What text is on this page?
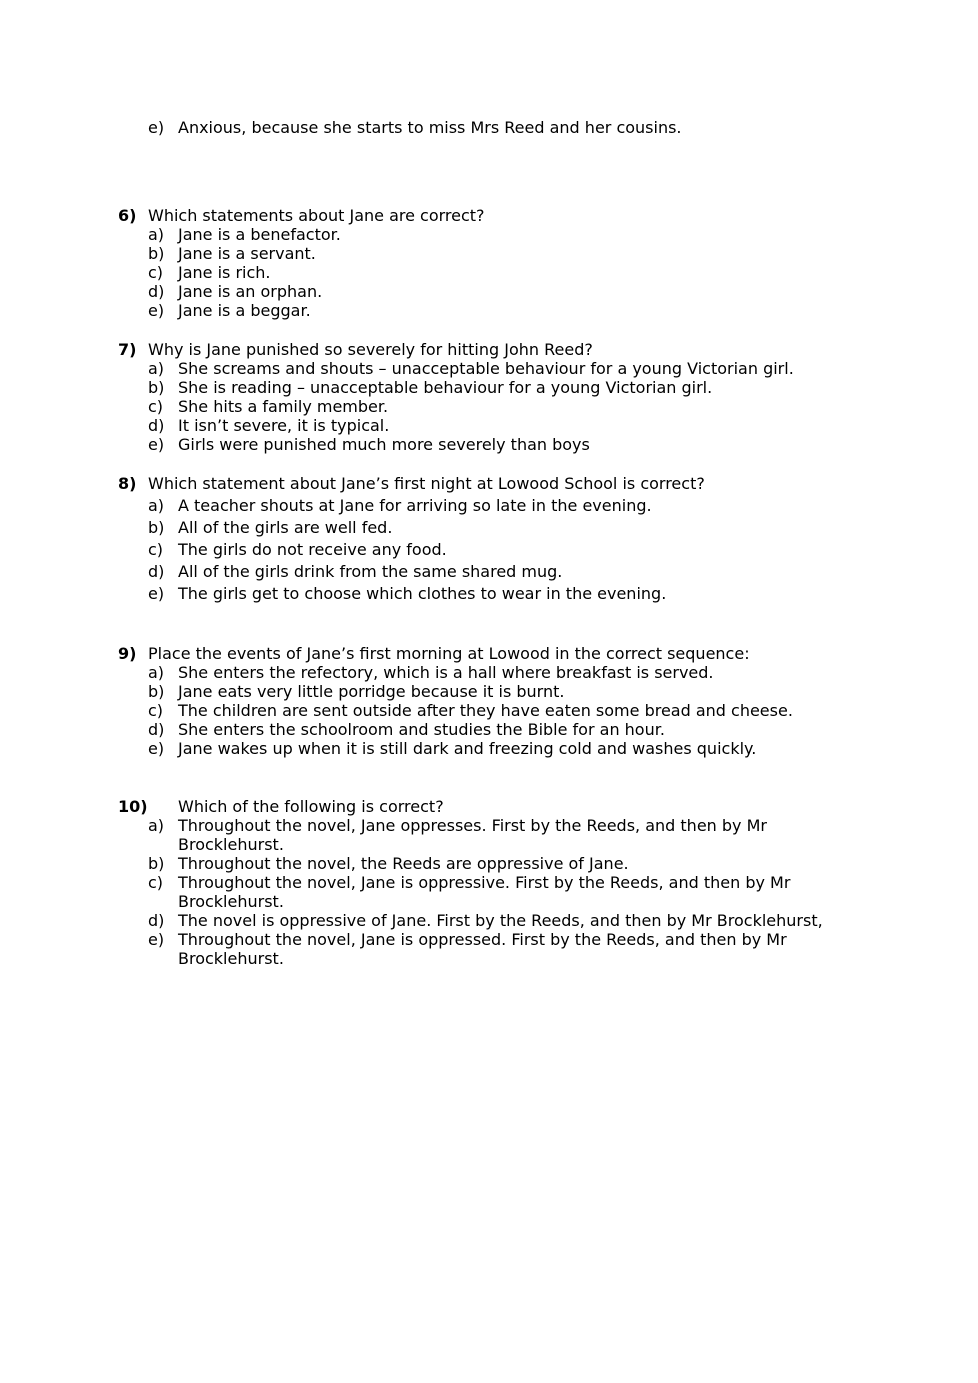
e) Anxious, because she starts to miss Mrs Reed and her cousins.
6) Which statements about Jane are correct?
a) Jane is a benefactor.
b) Jane is a servant.
c) Jane is rich.
d) Jane is an orphan.
e) Jane is a beggar.
7) Why is Jane punished so severely for hitting John Reed?
a) She screams and shouts – unacceptable behaviour for a young Victorian girl.
b) She is reading – unacceptable behaviour for a young Victorian girl.
c) She hits a family member.
d) It isn’t severe, it is typical.
e) Girls were punished much more severely than boys
8) Which statement about Jane’s first night at Lowood School is correct?
a) A teacher shouts at Jane for arriving so late in the evening.
b) All of the girls are well fed.
c) The girls do not receive any food.
d) All of the girls drink from the same shared mug.
e) The girls get to choose which clothes to wear in the evening.
9) Place the events of Jane’s first morning at Lowood in the correct sequence:
a) She enters the refectory, which is a hall where breakfast is served.
b) Jane eats very little porridge because it is burnt.
c) The children are sent outside after they have eaten some bread and cheese.
d) She enters the schoolroom and studies the Bible for an hour.
e) Jane wakes up when it is still dark and freezing cold and washes quickly.
10) Which of the following is correct?
a) Throughout the novel, Jane oppresses. First by the Reeds, and then by Mr
Brocklehurst.
b) Throughout the novel, the Reeds are oppressive of Jane.
c) Throughout the novel, Jane is oppressive. First by the Reeds, and then by Mr
Brocklehurst.
d) The novel is oppressive of Jane. First by the Reeds, and then by Mr Brocklehurst,
e) Throughout the novel, Jane is oppressed. First by the Reeds, and then by Mr
Brocklehurst.
